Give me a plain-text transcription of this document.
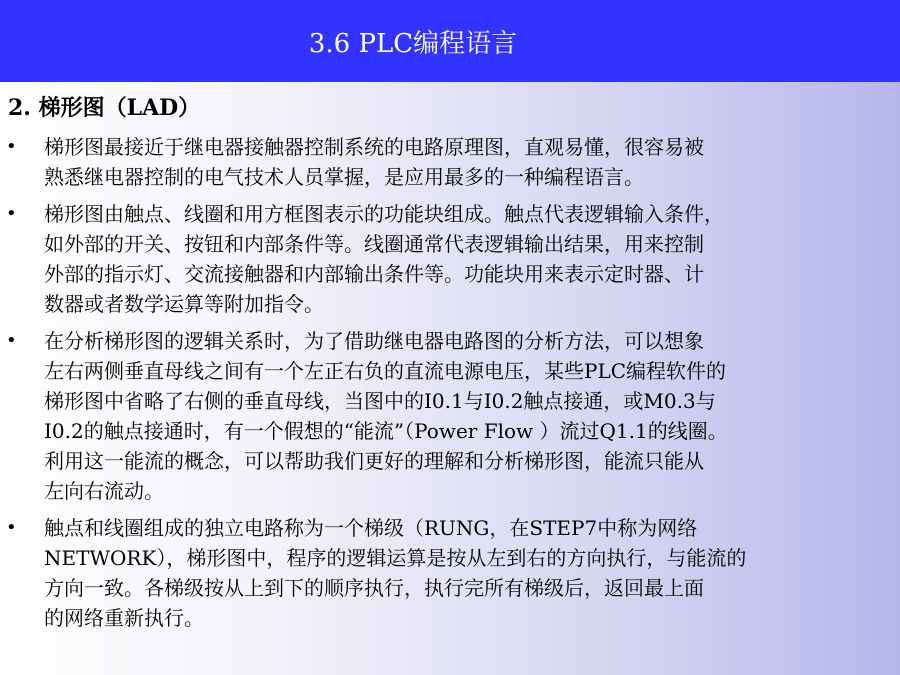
3.6 PLC编程语言
2. 梯形图（LAD）
• 梯形图最接近于继电器接触器控制系统的电路原理图，直观易懂，很容易被
熟悉继电器控制的电气技术人员掌握，是应用最多的一种编程语言。
• 梯形图由触点、线圈和用方框图表示的功能块组成。触点代表逻辑输入条件，
如外部的开关、按钮和内部条件等。线圈通常代表逻辑输出结果，用来控制
外部的指示灯、交流接触器和内部输出条件等。功能块用来表示定时器、计
数器或者数学运算等附加指令。
• 在分析梯形图的逻辑关系时，为了借助继电器电路图的分析方法，可以想象
左右两侧垂直母线之间有一个左正右负的直流电源电压，某些PLC编程软件的
梯形图中省略了右侧的垂直母线，当图中的I0.1与I0.2触点接通，或M0.3与
I0.2的触点接通时，有一个假想的“能流”（Power Flow ）流过Q1.1的线圈。
利用这一能流的概念，可以帮助我们更好的理解和分析梯形图，能流只能从
左向右流动。
• 触点和线圈组成的独立电路称为一个梯级（RUNG，在STEP7中称为网络
NETWORK），梯形图中，程序的逻辑运算是按从左到右的方向执行，与能流的
方向一致。各梯级按从上到下的顺序执行，执行完所有梯级后，返回最上面
的网络重新执行。
